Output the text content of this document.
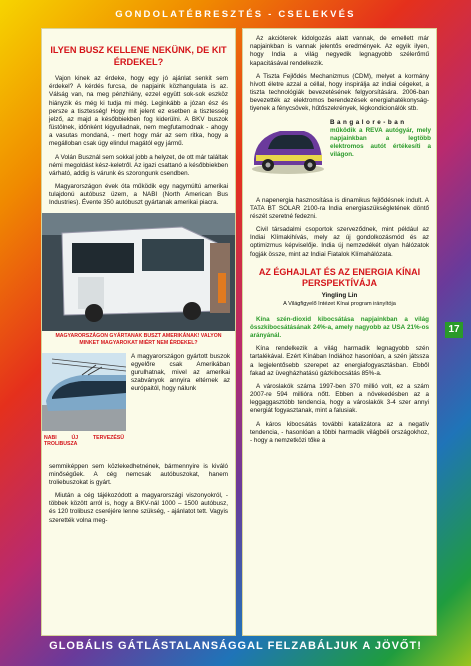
GONDOLATÉBRESZTÉS - CSELEKVÉS
ILYEN BUSZ KELLENE NEKÜNK, DE KIT ÉRDEKEL?

Vajon kinek az érdeke, hogy egy jó ajánlat senkit sem érdekel? A kérdés furcsa, de napjaink közhangulata is az. Válság van, na meg pénzhiány, ezzel együtt sok-sok eszköz hiányzik és még ki tudja mi még. Leginkább a józan ész és persze a tisztesség! Hogy mit jelent ez esetben a tisztesség jelző, az majd a későbbiekben fog kiderülni. A BKV buszok füstölnek, időnként kigyulladnak, nem megfutamodnak - ahogy a vasutas mondaná, - mert hogy már az sem ritka, hogy a megálloban csak úgy elindul magától egy jármű.

A Volán Busznál sem sokkal jobb a helyzet, de ott már találtak némi megoldást kész-keletről. Az igazi csattanó a későbbiekben várható, addig is várunk és szorongunk csendben.

Magyarországon évek óta működik egy nagymúltú amerikai tulajdonú autóbusz üzem, a NABI (North American Bus Industries). Évente 350 autóbuszt gyártanak amerikai piacra.

MAGYARORSZÁGON GYÁRTANAK BUSZT AMERIKÁNAK! VALYON MINKET MAGYAROKAT MIÉRT NEM ÉRDEKEL?
NABI ÚJ TERVEZÉSŰ TROLIBUSZA
A magyarországon gyártott buszok egyelőre csak Amerikában gurulhatnak, mivel az amerikai szabványok annyira eltérnek az európaitól, hogy nálunk

semmiképpen sem közlekedhetnének, bármennyire is kiváló minőségűek. A cég nemcsak autóbuszokat, hanem troliebuszokat is gyárt.

Miután a cég tájékozódott a magyarországi viszonyokról, - többek között arról is, hogy a BKV-nál 1000 – 1500 autóbusz, és 120 trolibusz cseréjére lenne szükség, - ajánlatot tett. Vagyis szerették volna meg-

Az akcióterek kidolgozás alatt vannak, de emellett már napjainkban is vannak jelentős eredmények. Az egyik ilyen, hogy India a világ negyedik legnagyobb szélerőmű kapacitásával rendelkezik.

A Tiszta Fejlődés Mechanizmus (CDM), melyet a kormány hívott életre azzal a céllal, hogy inspirálja az indiai cégeket, a tiszta technológiák bevezetésének felgyorsítására. 2006-ban bevezették az elektromos berendezések energiahatékonyság- tiyenek a fénycsövek, hűtőszekrények, légkondicionálók stb.

Bangalore-ban
működik a REVA autógyár, mely napjainkban a legtöbb elektromos autót értékesíti a világon.

A napenergia hasznosítása is dinamikus fejlődésnek indult. A TATA BT SOLAR 2100-ra India energiaszükségletének döntő részét szeretné fedezni.

Civil társadalmi csoportok szerveződnek, mint például az Indiai Klímakihívás, mely az új gondolkozásmód és az optimizmus képviselője. India új nemzedékét olyan hálózatok fogják össze, mint az Indiai Fiatalok Klímahálózata.

AZ ÉGHAJLAT ÉS AZ ENERGIA KÍNAI PERSPEKTÍVÁJA
Yingling Lin
A Világfigyelő Intézet Kínai program irányítója

Kína szén-dioxid kibocsátása napjainkban a világ összkibocsátásának 24%-a, amely nagyobb az USA 21%-os arányánál.

Kína rendelkezik a világ harmadik legnagyobb szén tartalékával. Ezért Kínában Indiához hasonlóan, a szén játssza a legjelentősebb szerepet az energiafogyasztásban. Ebből fakad az üvegházhatású gázkibocsátás 85%-a.

A városlakók száma 1997-ben 370 millió volt, ez a szám 2007-re 594 millióra nőtt. Ebben a növekedésben az a leggaggasztóbb tendencia, hogy a városlakók 3-4 szer annyi energiát fogyasztanak, mint a falusiak.

A káros kibocsátás további katalizátora az a negatív tendencia, - hasonlóan a többi harmadik világbéli országokhoz, - hogy a nemzetközi tőke a

17
GLOBÁLIS GÁTLÁSTALANSÁGGAL FELZABÁLJUK A JÖVŐT!
